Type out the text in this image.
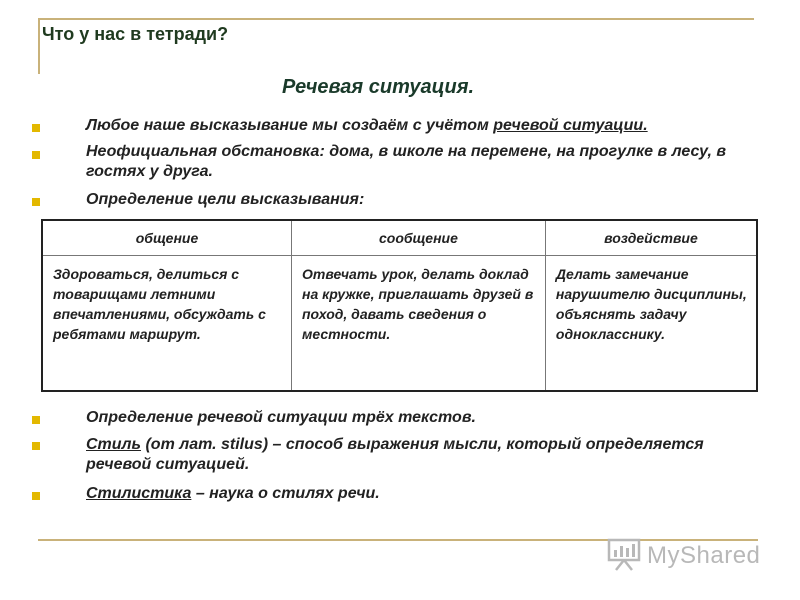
Что у нас в тетради?
Речевая ситуация.
Любое наше высказывание мы создаём с учётом речевой ситуации.
Неофициальная обстановка: дома, в школе на перемене, на прогулке в лесу, в гостях у друга.
Определение цели высказывания:
общение	сообщение	воздействие
Здороваться, делиться с товарищами летними впечатлениями, обсуждать с ребятами маршрут.	Отвечать урок, делать доклад на кружке, приглашать друзей в поход, давать сведения о местности.	Делать замечание нарушителю дисциплины, объяснять задачу однокласснику.
Определение речевой ситуации трёх текстов.
Стиль (от лат. stilus) – способ выражения мысли, который определяется речевой ситуацией.
Стилистика – наука о стилях речи.
MyShared
